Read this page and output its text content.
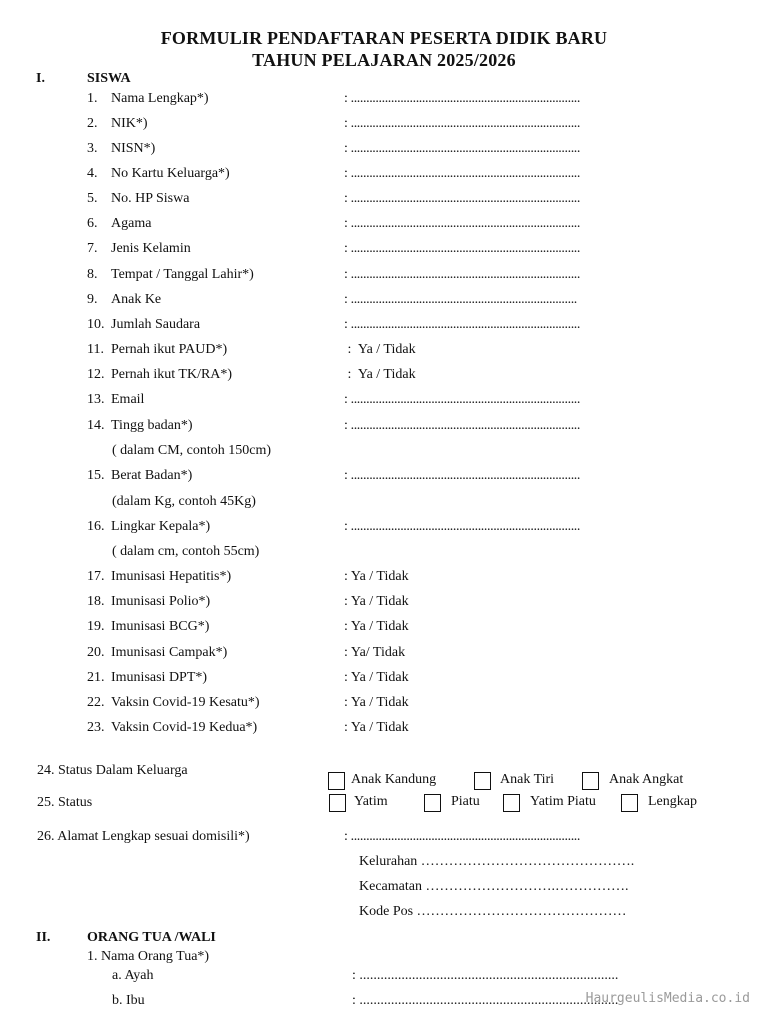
FORMULIR PENDAFTARAN PESERTA DIDIK BARU
TAHUN PELAJARAN 2025/2026
I.	SISWA
1. Nama Lengkap*)	: ..........................................................................
2. NIK*)	: ..........................................................................
3. NISN*)	: ..........................................................................
4. No Kartu Keluarga*)	: ..........................................................................
5. No. HP Siswa	: ..........................................................................
6. Agama	: ..........................................................................
7. Jenis Kelamin	: ..........................................................................
8. Tempat / Tanggal Lahir*)	: ..........................................................................
9. Anak Ke	: .........................................................................
10. Jumlah Saudara	: ..........................................................................
11. Pernah ikut PAUD*)	:  Ya / Tidak
12. Pernah ikut TK/RA*)	:  Ya / Tidak
13. Email	: ..........................................................................
14. Tingg badan*)	: ..........................................................................
15. Berat Badan*)	: ..........................................................................
16. Lingkar Kepala*)	: ..........................................................................
17. Imunisasi Hepatitis*)	: Ya / Tidak
18. Imunisasi Polio*)	: Ya / Tidak
19. Imunisasi BCG*)	: Ya / Tidak
20. Imunisasi Campak*)	: Ya/ Tidak
21. Imunisasi DPT*)	: Ya / Tidak
22. Vaksin Covid-19 Kesatu*)	: Ya / Tidak
23. Vaksin Covid-19 Kedua*)	: Ya / Tidak
( dalam CM, contoh 150cm)
(dalam Kg, contoh 45Kg)
( dalam cm, contoh 55cm)
24. Status Dalam Keluarga
Anak Kandung	Anak Tiri	Anak Angkat
25. Status	Yatim	Piatu	Yatim Piatu	Lengkap
26. Alamat Lengkap sesuai domisili*)	: ..........................................................................
Kelurahan ……………………………………….
Kecamatan ……………………….…………….
Kode Pos ………………………………………
II.	ORANG TUA /WALI
1. Nama Orang Tua*)
a. Ayah	: ..........................................................................
b. Ibu	: ..........................................................................
HaurgeulisMedia.co.id
